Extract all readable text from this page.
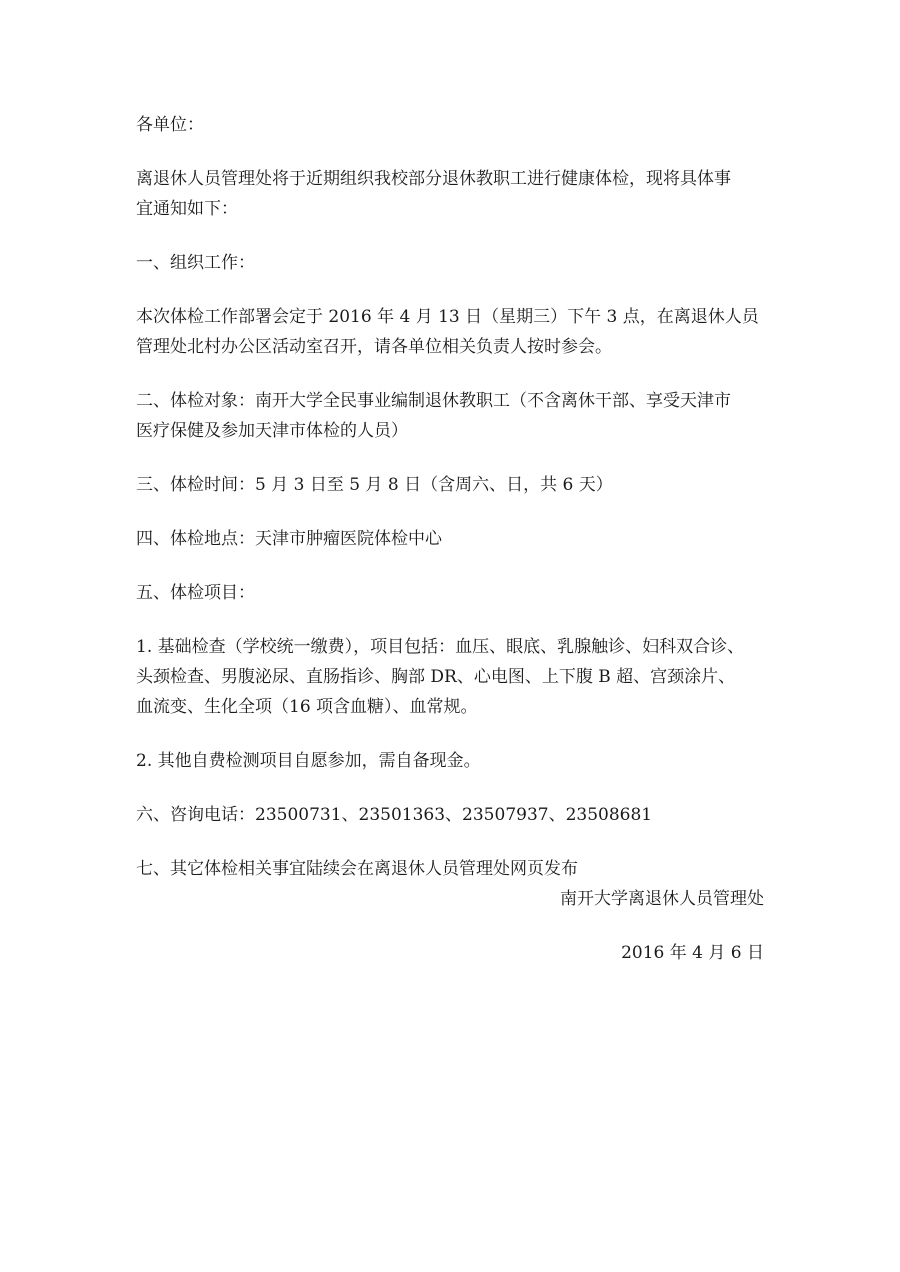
各单位：

离退休人员管理处将于近期组织我校部分退休教职工进行健康体检，现将具体事
宜通知如下：

一、组织工作：

本次体检工作部署会定于 2016 年 4 月 13 日（星期三）下午 3 点，在离退休人员
管理处北村办公区活动室召开，请各单位相关负责人按时参会。

二、体检对象：南开大学全民事业编制退休教职工（不含离休干部、享受天津市
医疗保健及参加天津市体检的人员）

三、体检时间：5 月 3 日至 5 月 8 日（含周六、日，共 6 天）

四、体检地点：天津市肿瘤医院体检中心

五、体检项目：

1. 基础检查（学校统一缴费），项目包括：血压、眼底、乳腺触诊、妇科双合诊、
头颈检查、男腹泌尿、直肠指诊、胸部 DR、心电图、上下腹 B 超、宫颈涂片、
血流变、生化全项（16 项含血糖）、血常规。

2. 其他自费检测项目自愿参加，需自备现金。

六、咨询电话：23500731、23501363、23507937、23508681

七、其它体检相关事宜陆续会在离退休人员管理处网页发布

南开大学离退休人员管理处
2016 年 4 月 6 日
